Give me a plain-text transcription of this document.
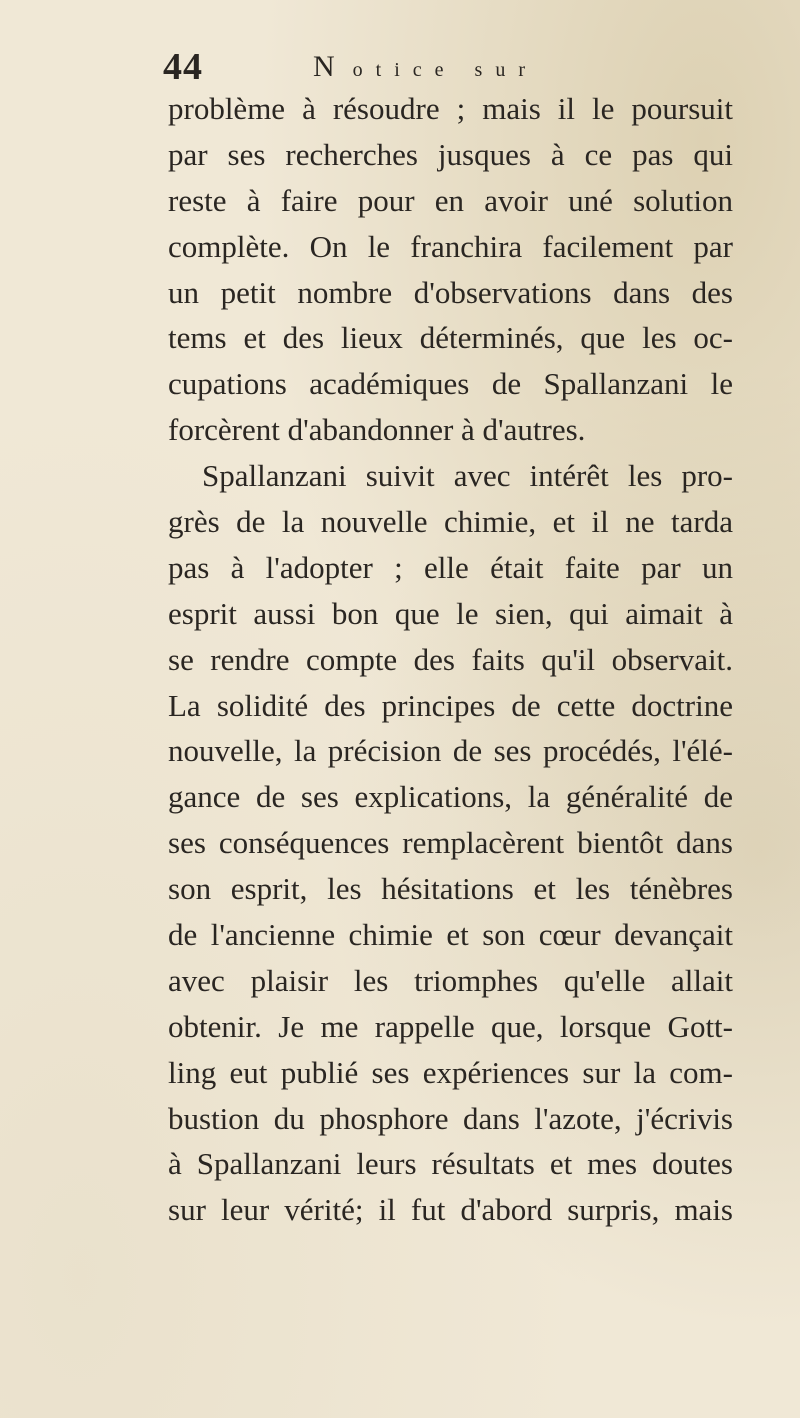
44	Notice sur
problème à résoudre ; mais il le poursuit
par ses recherches jusques à ce pas qui
reste à faire pour en avoir uné solution
complète. On le franchira facilement par
un petit nombre d'observations dans des
tems et des lieux déterminés, que les oc-
cupations académiques de Spallanzani le
forcèrent d'abandonner à d'autres.
Spallanzani suivit avec intérêt les pro-
grès de la nouvelle chimie, et il ne tarda
pas à l'adopter ; elle était faite par un
esprit aussi bon que le sien, qui aimait à
se rendre compte des faits qu'il observait.
La solidité des principes de cette doctrine
nouvelle, la précision de ses procédés, l'élé-
gance de ses explications, la généralité de
ses conséquences remplacèrent bientôt dans
son esprit, les hésitations et les ténèbres
de l'ancienne chimie et son cœur devançait
avec plaisir les triomphes qu'elle allait
obtenir. Je me rappelle que, lorsque Gott-
ling eut publié ses expériences sur la com-
bustion du phosphore dans l'azote, j'écrivis
à Spallanzani leurs résultats et mes doutes
sur leur vérité; il fut d'abord surpris, mais
